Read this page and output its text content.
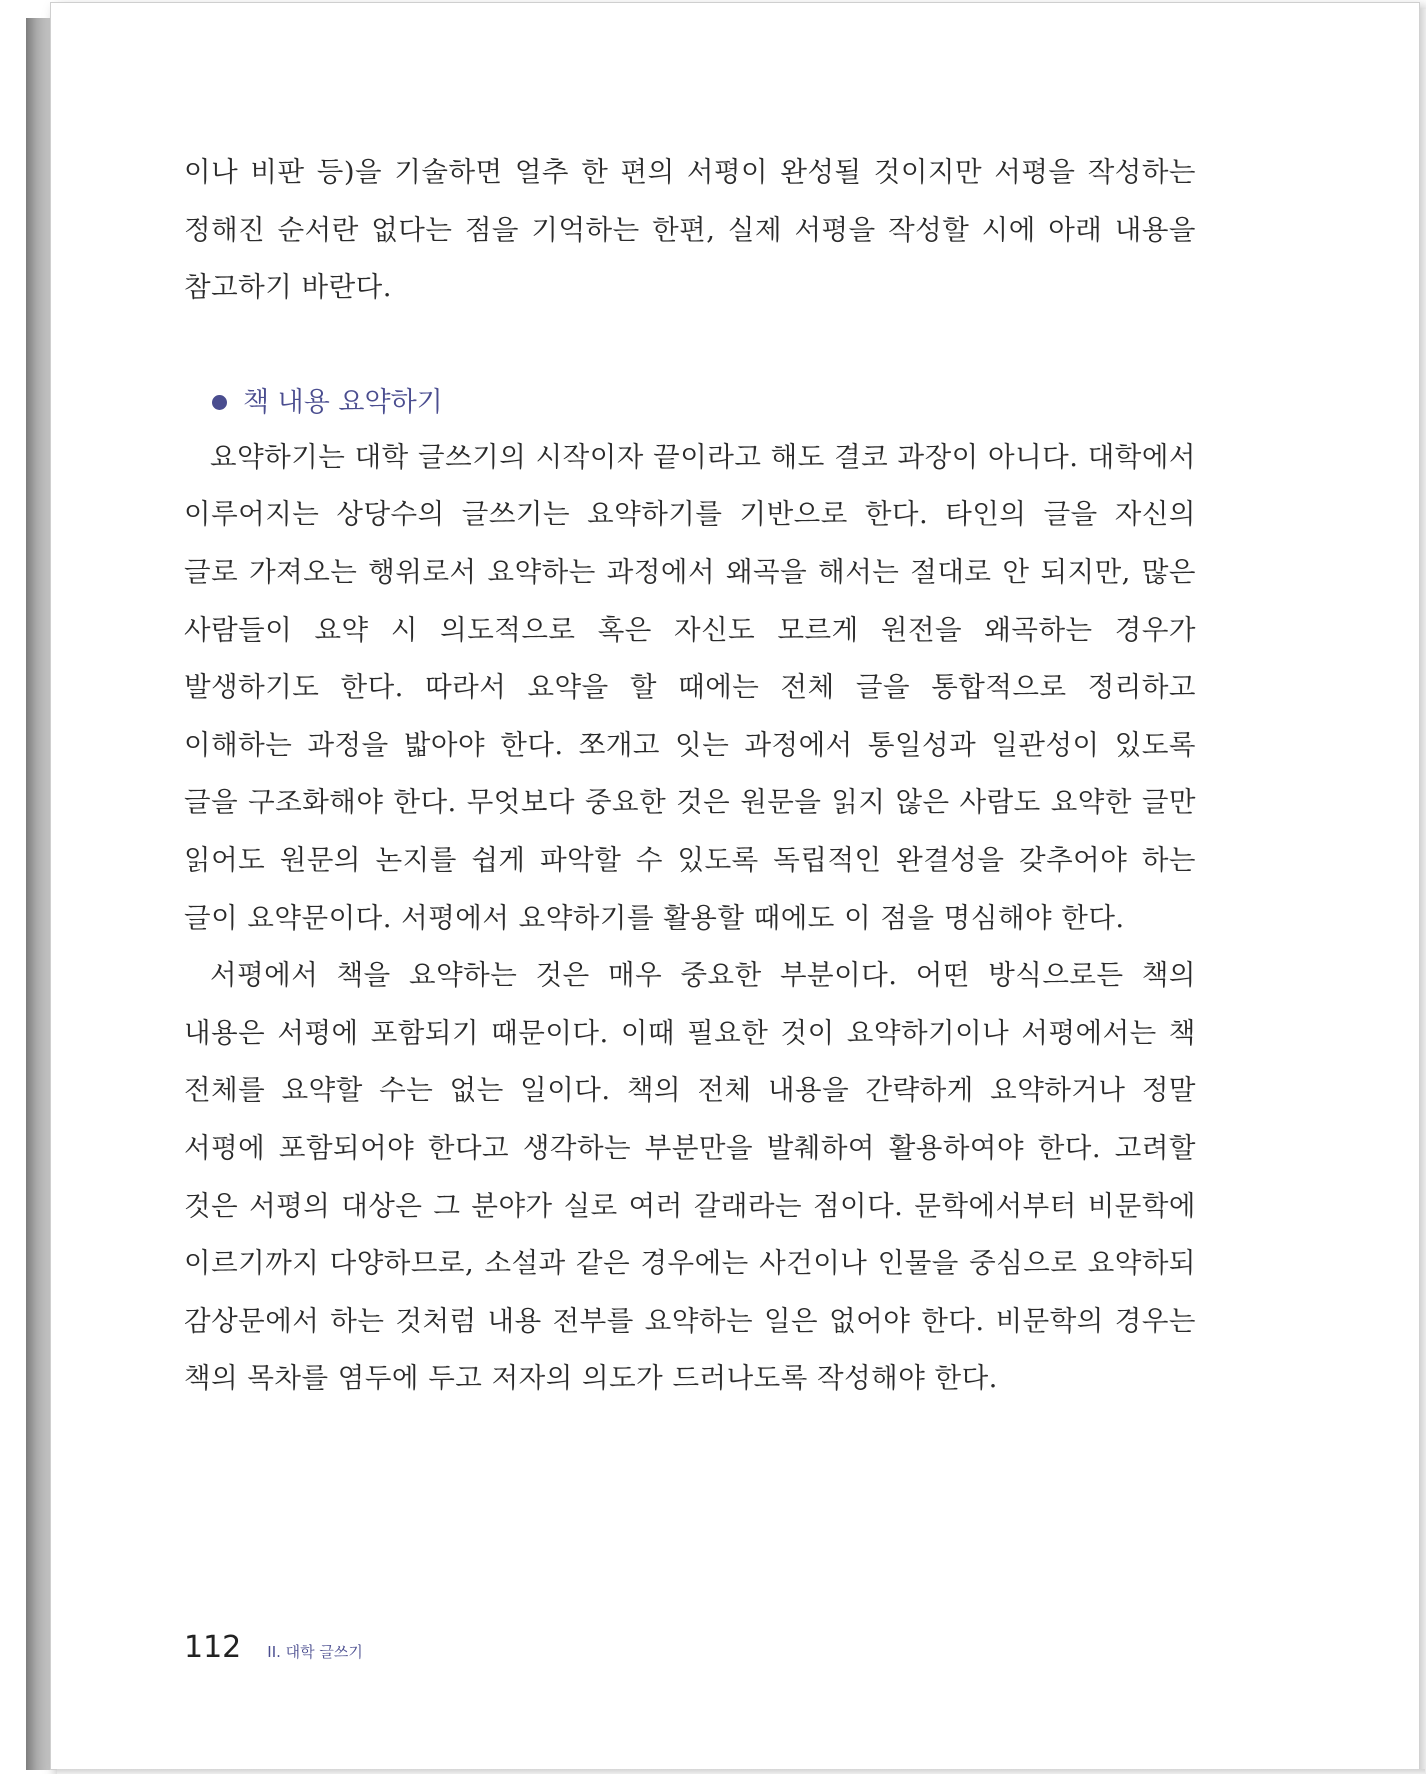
이나 비판 등)을 기술하면 얼추 한 편의 서평이 완성될 것이지만 서평을 작성하는 정해진 순서란 없다는 점을 기억하는 한편, 실제 서평을 작성할 시에 아래 내용을 참고하기 바란다.

책 내용 요약하기

요약하기는 대학 글쓰기의 시작이자 끝이라고 해도 결코 과장이 아니다. 대학에서 이루어지는 상당수의 글쓰기는 요약하기를 기반으로 한다. 타인의 글을 자신의 글로 가져오는 행위로서 요약하는 과정에서 왜곡을 해서는 절대로 안 되지만, 많은 사람들이 요약 시 의도적으로 혹은 자신도 모르게 원전을 왜곡하는 경우가 발생하기도 한다. 따라서 요약을 할 때에는 전체 글을 통합적으로 정리하고 이해하는 과정을 밟아야 한다. 쪼개고 잇는 과정에서 통일성과 일관성이 있도록 글을 구조화해야 한다. 무엇보다 중요한 것은 원문을 읽지 않은 사람도 요약한 글만 읽어도 원문의 논지를 쉽게 파악할 수 있도록 독립적인 완결성을 갖추어야 하는 글이 요약문이다. 서평에서 요약하기를 활용할 때에도 이 점을 명심해야 한다.

서평에서 책을 요약하는 것은 매우 중요한 부분이다. 어떤 방식으로든 책의 내용은 서평에 포함되기 때문이다. 이때 필요한 것이 요약하기이나 서평에서는 책 전체를 요약할 수는 없는 일이다. 책의 전체 내용을 간략하게 요약하거나 정말 서평에 포함되어야 한다고 생각하는 부분만을 발췌하여 활용하여야 한다. 고려할 것은 서평의 대상은 그 분야가 실로 여러 갈래라는 점이다. 문학에서부터 비문학에 이르기까지 다양하므로, 소설과 같은 경우에는 사건이나 인물을 중심으로 요약하되 감상문에서 하는 것처럼 내용 전부를 요약하는 일은 없어야 한다. 비문학의 경우는 책의 목차를 염두에 두고 저자의 의도가 드러나도록 작성해야 한다.

112 II. 대학 글쓰기
